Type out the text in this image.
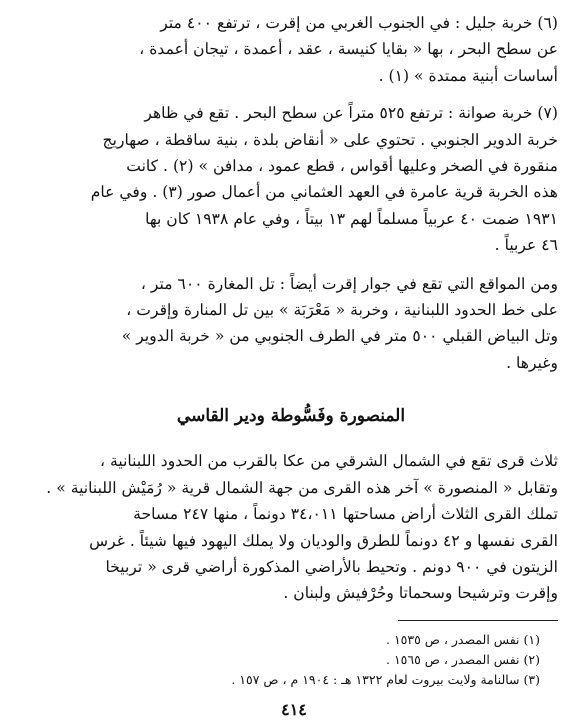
(٦) خربة جليل : في الجنوب الغربي من إقرت ، ترتفع ٤٠٠ متر
عن سطح البحر ، بها « بقايا كنيسة ، عقد ، أعمدة ، تيجان أعمدة ،
أساسات أبنية ممتدة » (١) .
(٧) خربة صوانة : ترتفع ٥٢٥ متراً عن سطح البحر . تقع في ظاهر
خربة الدوير الجنوبي . تحتوي على « أنقاض بلدة ، بنية ساقطة ، صهاريج
منقورة في الصخر وعليها أقواس ، قطع عمود ، مدافن » (٢) . كانت
هذه الخربة قرية عامرة في العهد العثماني من أعمال صور (٣) . وفي عام
١٩٣١ ضمت ٤٠ عربياً مسلماً لهم ١٣ بيتاً ، وفي عام ١٩٣٨ كان بها
٤٦ عربياً .
ومن المواقع التي تقع في جوار إقرت أيضاً : تل المغارة ٦٠٠ متر ،
على خط الحدود اللبنانية ، وخربة « مَعْرَبَة » بين تل المنارة وإقرت ،
وتل البياض القبلي ٥٠٠ متر في الطرف الجنوبي من « خربة الدوير »
وغيرها .
المنصورة وفَسُّوطة ودير القاسي
ثلاث قرى تقع في الشمال الشرقي من عكا بالقرب من الحدود اللبنانية ،
وتقابل « المنصورة » آخر هذه القرى من جهة الشمال قرية « رُمَيْش اللبنانية » .
تملك القرى الثلاث أراض مساحتها ٣٤،٠١١ دونماً ، منها ٢٤٧ مساحة
القرى نفسها و ٤٢ دونماً للطرق والوديان ولا يملك اليهود فيها شيئاً . غرس
الزيتون في ٩٠٠ دونم . وتحيط بالأراضي المذكورة أراضي قرى « تربيخا
وإقرت وترشيحا وسحماتا وحُرْفيش ولبنان .
(١) نفس المصدر ، ص ١٥٣٥ .
(٢) نفس المصدر ، ص ١٥٦٥ .
(٣) سالنامة ولايت بيروت لعام ١٣٢٢ هـ : ١٩٠٤ م ، ص ١٥٧ .
٤١٤
